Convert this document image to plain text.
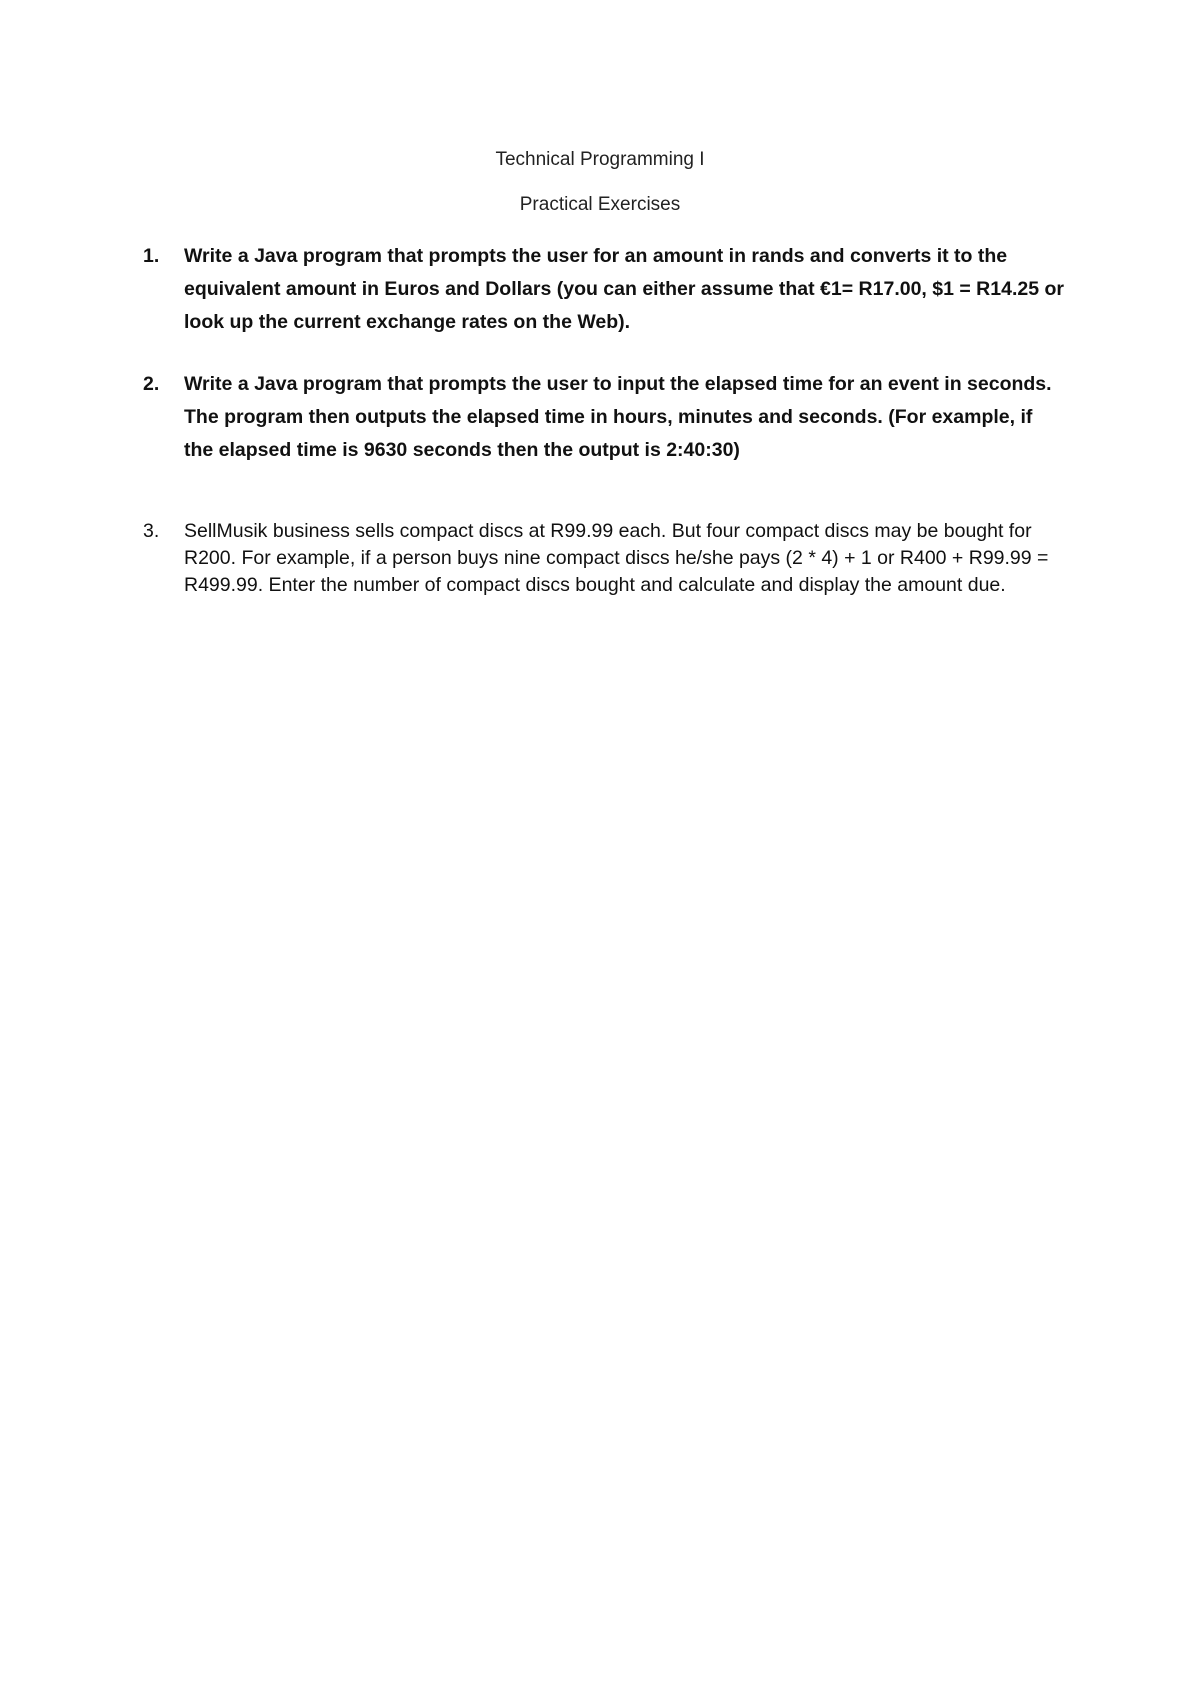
Technical Programming I
Practical Exercises
1.	Write a Java program that prompts the user for an amount in rands and converts it to the equivalent amount in Euros and Dollars (you can either assume that €1= R17.00, $1 = R14.25 or look up the current exchange rates on the Web).
2.	Write a Java program that prompts the user to input the elapsed time for an event in seconds. The program then outputs the elapsed time in hours, minutes and seconds. (For example, if the elapsed time is 9630 seconds then the output is 2:40:30)
3.	SellMusik business sells compact discs at R99.99 each. But four compact discs may be bought for R200. For example, if a person buys nine compact discs he/she pays (2 * 4) + 1 or R400 + R99.99 = R499.99. Enter the number of compact discs bought and calculate and display the amount due.
